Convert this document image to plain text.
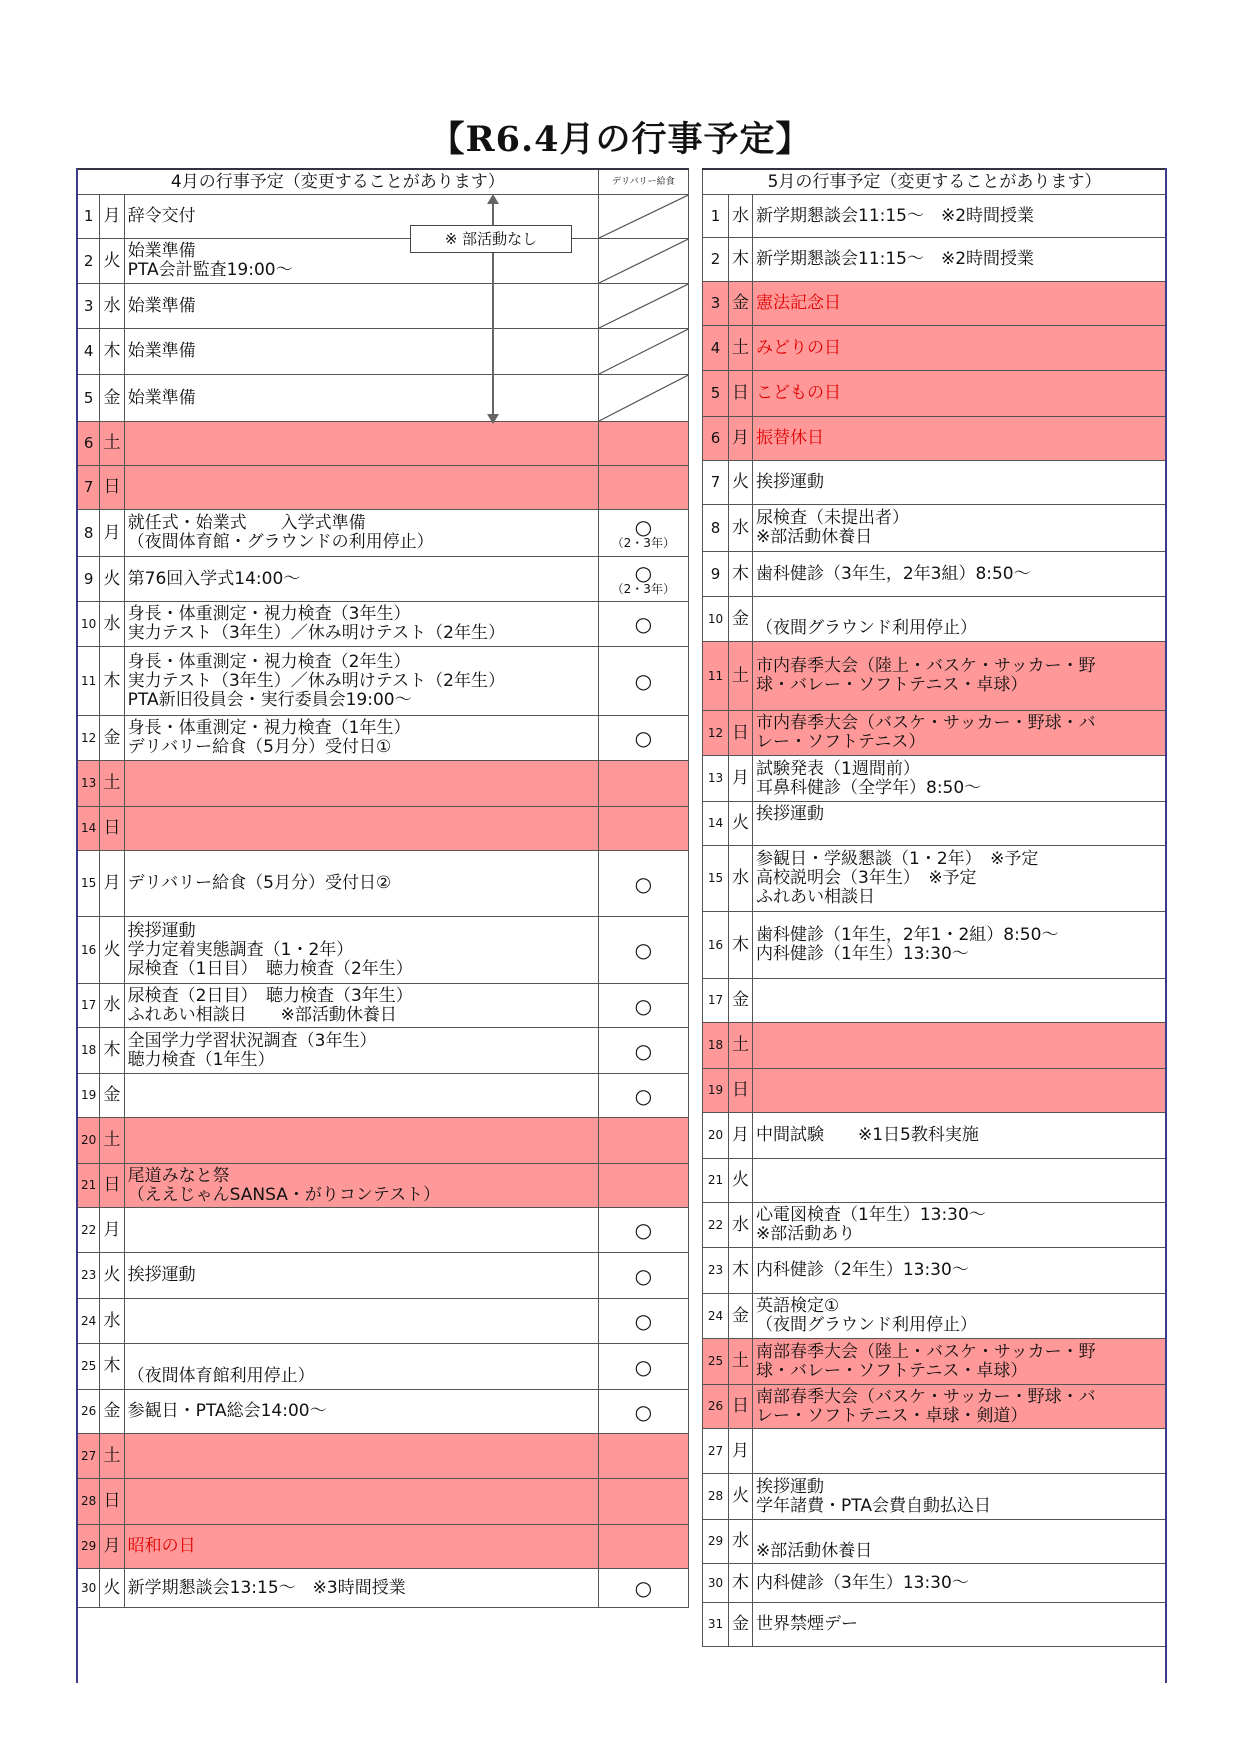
【R6.4月の行事予定】
4月の行事予定（変更することがあります）			デリバリー給食
1	月	辞令交付

2	火	始業準備
PTA会計監査19:00～

3	水	始業準備

4	木	始業準備

5	金	始業準備

6	土		
7	日		
8	月	就任式・始業式　　入学式準備
（夜間体育館・グラウンドの利用停止）	○
（2・3年）

9	火	第76回入学式14:00～	○
（2・3年）

10	水	身長・体重測定・視力検査（3年生）
実力テスト（3年生）／休み明けテスト（2年生）	○

11	木	身長・体重測定・視力検査（2年生）
実力テスト（3年生）／休み明けテスト（2年生）
PTA新旧役員会・実行委員会19:00～	○

12	金	身長・体重測定・視力検査（1年生）
デリバリー給食（5月分）受付日①	○

13	土		
14	日		
15	月	デリバリー給食（5月分）受付日②	○

16	火	挨拶運動
学力定着実態調査（1・2年）
尿検査（1日目）　聴力検査（2年生）	○

17	水	尿検査（2日目）　聴力検査（3年生）
ふれあい相談日　　※部活動休養日	○

18	木	全国学力学習状況調査（3年生）
聴力検査（1年生）	○

19	金		○

20	土		
21	日	尾道みなと祭
（ええじゃんSANSA・がりコンテスト）	

22	月		○

23	火	挨拶運動	○

24	水		○

25	木	（夜間体育館利用停止）	○

26	金	参観日・PTA総会14:00～	○

27	土		
28	日		
29	月	昭和の日	

30	火	新学期懇談会13:15～　※3時間授業	○
5月の行事予定（変更することがあります）		
1	水	新学期懇談会11:15～　※2時間授業

2	木	新学期懇談会11:15～　※2時間授業

3	金	憲法記念日

4	土	みどりの日

5	日	こどもの日

6	月	振替休日

7	火	挨拶運動

8	水	尿検査（未提出者）
※部活動休養日

9	木	歯科健診（3年生，2年3組）8:50～

10	金	（夜間グラウンド利用停止）

11	土	市内春季大会（陸上・バスケ・サッカー・野
球・バレー・ソフトテニス・卓球）

12	日	市内春季大会（バスケ・サッカー・野球・バ
レー・ソフトテニス）

13	月	試験発表（1週間前）
耳鼻科健診（全学年）8:50～

14	火	挨拶運動

15	水	参観日・学級懇談（1・2年）　※予定
高校説明会（3年生）　※予定
ふれあい相談日

16	木	歯科健診（1年生，2年1・2組）8:50～
内科健診（1年生）13:30～

17	金	
18	土	
19	日	
20	月	中間試験　　※1日5教科実施

21	火	
22	水	心電図検査（1年生）13:30～
※部活動あり

23	木	内科健診（2年生）13:30～

24	金	英語検定①
（夜間グラウンド利用停止）

25	土	南部春季大会（陸上・バスケ・サッカー・野
球・バレー・ソフトテニス・卓球）

26	日	南部春季大会（バスケ・サッカー・野球・バ
レー・ソフトテニス・卓球・剣道）

27	月	
28	火	挨拶運動
学年諸費・PTA会費自動払込日

29	水	※部活動休養日

30	木	内科健診（3年生）13:30～

31	金	世界禁煙デー
※ 部活動なし
